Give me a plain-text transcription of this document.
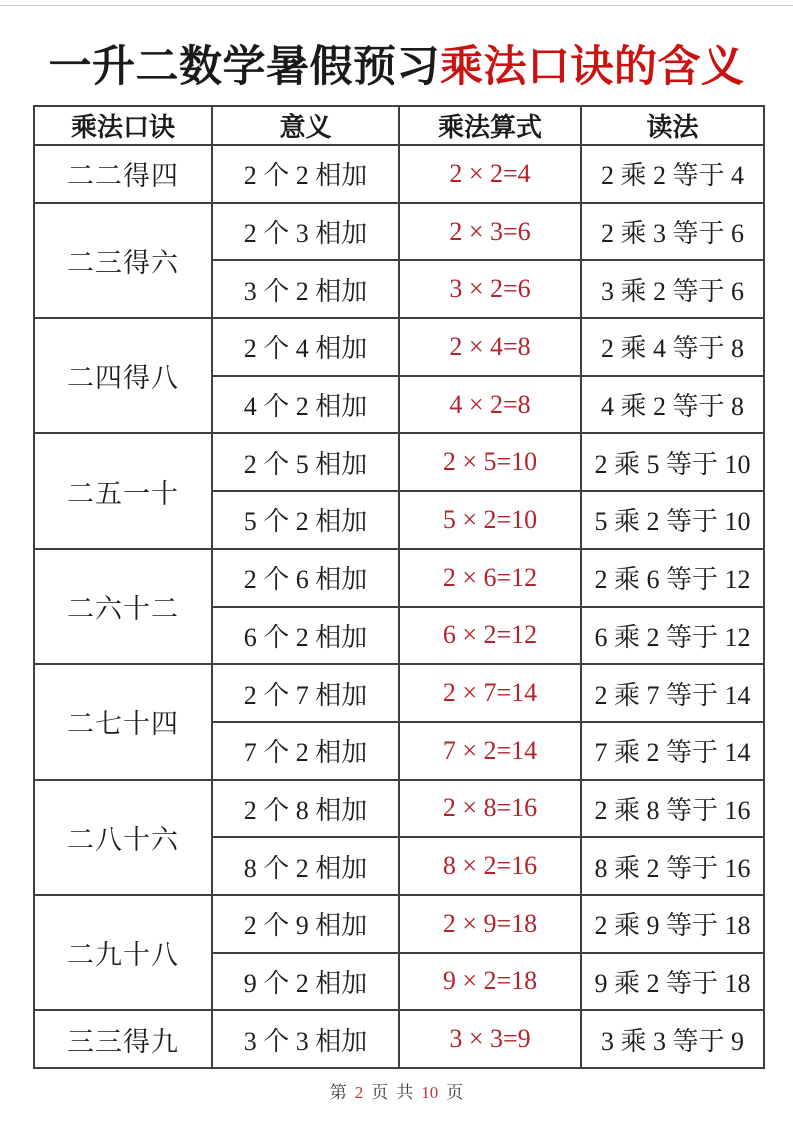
一升二数学暑假预习乘法口诀的含义
乘法口诀	意义	乘法算式	读法
二二得四	2 个 2 相加	2 × 2=4	2 乘 2 等于 4
二三得六	2 个 3 相加	2 × 3=6	2 乘 3 等于 6
	3 个 2 相加	3 × 2=6	3 乘 2 等于 6
二四得八	2 个 4 相加	2 × 4=8	2 乘 4 等于 8
	4 个 2 相加	4 × 2=8	4 乘 2 等于 8
二五一十	2 个 5 相加	2 × 5=10	2 乘 5 等于 10
	5 个 2 相加	5 × 2=10	5 乘 2 等于 10
二六十二	2 个 6 相加	2 × 6=12	2 乘 6 等于 12
	6 个 2 相加	6 × 2=12	6 乘 2 等于 12
二七十四	2 个 7 相加	2 × 7=14	2 乘 7 等于 14
	7 个 2 相加	7 × 2=14	7 乘 2 等于 14
二八十六	2 个 8 相加	2 × 8=16	2 乘 8 等于 16
	8 个 2 相加	8 × 2=16	8 乘 2 等于 16
二九十八	2 个 9 相加	2 × 9=18	2 乘 9 等于 18
	9 个 2 相加	9 × 2=18	9 乘 2 等于 18
三三得九	3 个 3 相加	3 × 3=9	3 乘 3 等于 9
第 2 页 共 10 页
